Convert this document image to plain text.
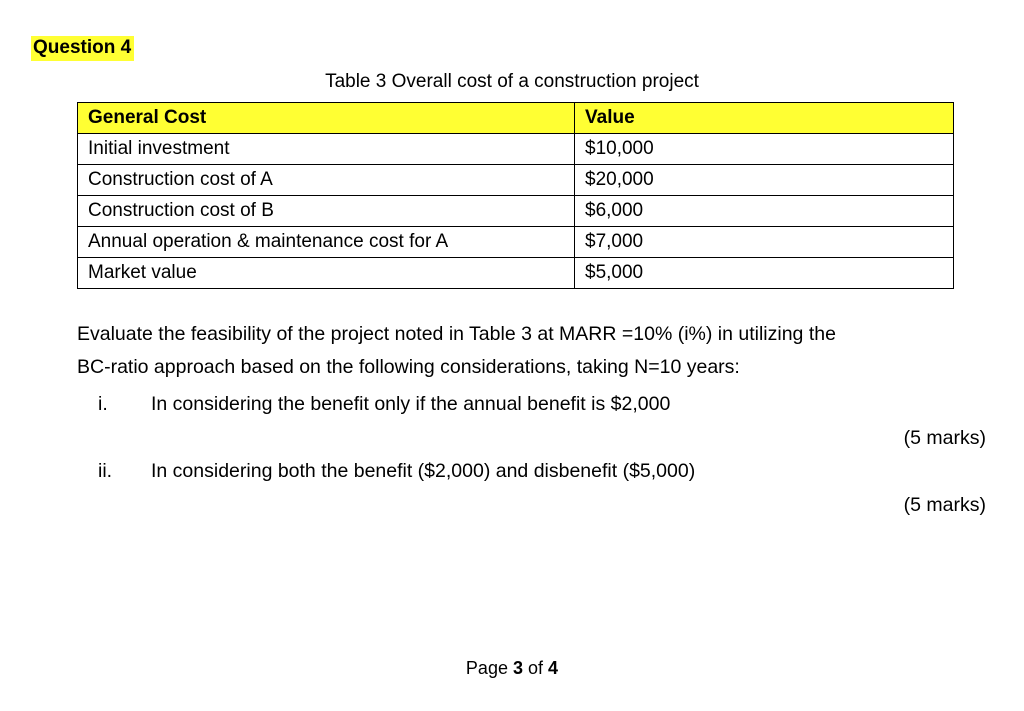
Question 4
Table 3 Overall cost of a construction project
General Cost	Value
Initial investment	$10,000
Construction cost of A	$20,000
Construction cost of B	$6,000
Annual operation & maintenance cost for A	$7,000
Market value	$5,000
Evaluate the feasibility of the project noted in Table 3 at MARR =10% (i%) in utilizing the
BC-ratio approach based on the following considerations, taking N=10 years:
i. In considering the benefit only if the annual benefit is $2,000
(5 marks)
ii. In considering both the benefit ($2,000) and disbenefit ($5,000)
(5 marks)
Page 3 of 4
